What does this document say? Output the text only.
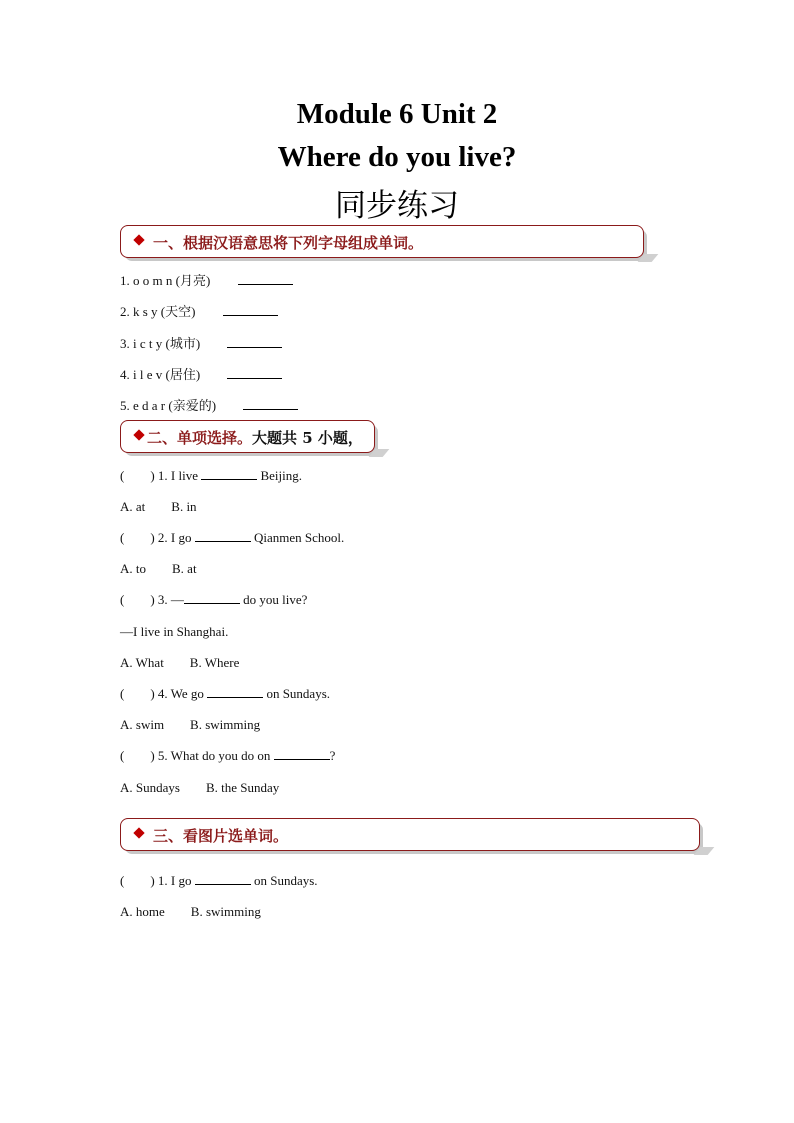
Module 6 Unit 2
Where do you live?
同步练习
一、根据汉语意思将下列字母组成单词。
1. o o m n (月亮)
2. k s y (天空)
3. i c t y (城市)
4. i l e v (居住)
5. e d a r (亲爱的)
二、单项选择。大题共 5 小题，
(        ) 1. I live	Beijing.
A. at        B. in
(        ) 2. I go	Qianmen School.
A. to        B. at
(        ) 3. —	do you live?
—I live in Shanghai.
A. What        B. Where
(        ) 4. We go	on Sundays.
A. swim        B. swimming
(        ) 5. What do you do on	?
A. Sundays        B. the Sunday
三、看图片选单词。
(        ) 1. I go	on Sundays.
A. home        B. swimming
